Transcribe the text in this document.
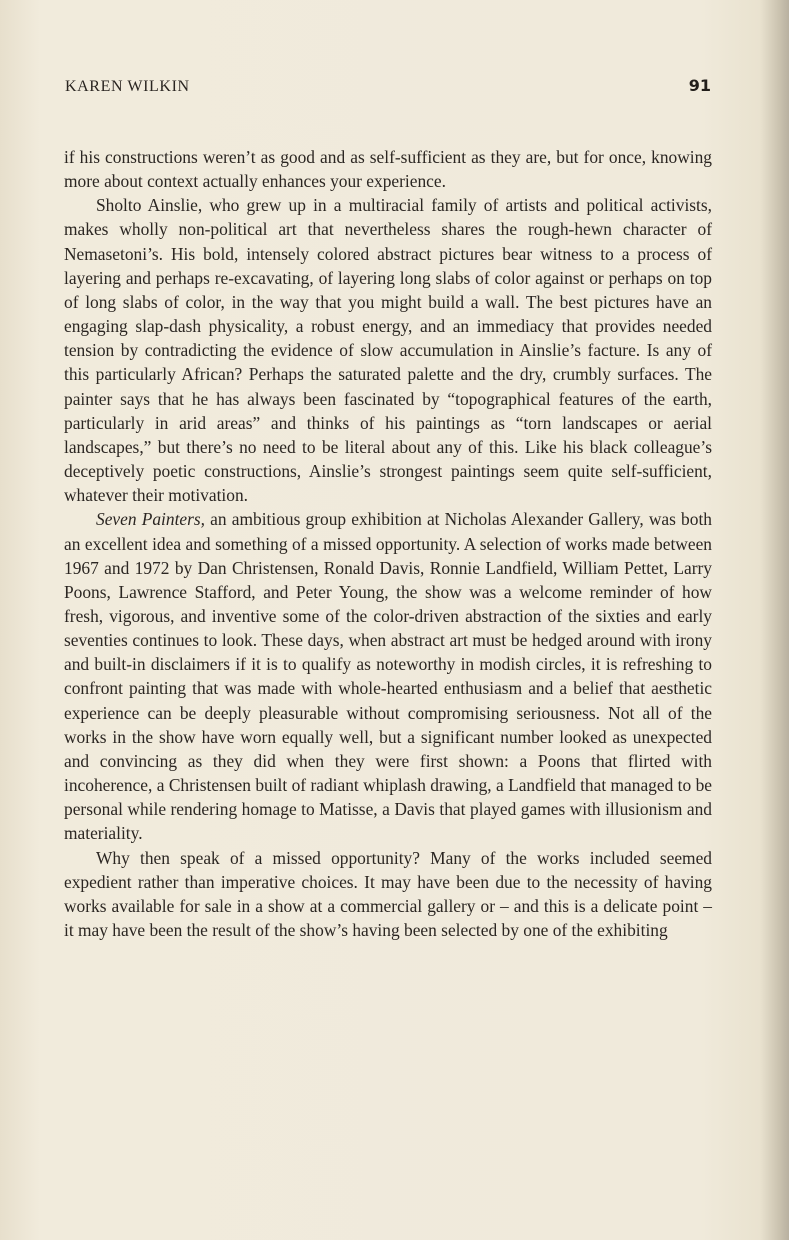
KAREN WILKIN	91

if his constructions weren’t as good and as self-sufficient as they are, but for once, knowing more about context actually enhances your experience.

Sholto Ainslie, who grew up in a multiracial family of artists and political activists, makes wholly non-political art that nevertheless shares the rough-hewn character of Nemasetoni’s. His bold, intensely colored abstract pictures bear witness to a process of layering and perhaps re-excavating, of layering long slabs of color against or perhaps on top of long slabs of color, in the way that you might build a wall. The best pictures have an engaging slap-dash physicality, a robust energy, and an immediacy that provides needed tension by contradicting the evidence of slow accumulation in Ainslie’s facture. Is any of this particularly African? Perhaps the saturated palette and the dry, crumbly surfaces. The painter says that he has always been fascinated by “topographical features of the earth, particularly in arid areas” and thinks of his paintings as “torn landscapes or aerial landscapes,” but there’s no need to be literal about any of this. Like his black colleague’s deceptively poetic constructions, Ainslie’s strongest paintings seem quite self-sufficient, whatever their motivation.

Seven Painters, an ambitious group exhibition at Nicholas Alexander Gallery, was both an excellent idea and something of a missed opportunity. A selection of works made between 1967 and 1972 by Dan Christensen, Ronald Davis, Ronnie Landfield, William Pettet, Larry Poons, Lawrence Stafford, and Peter Young, the show was a welcome reminder of how fresh, vigorous, and inventive some of the color-driven abstraction of the sixties and early seventies continues to look. These days, when abstract art must be hedged around with irony and built-in disclaimers if it is to qualify as noteworthy in modish circles, it is refreshing to confront painting that was made with whole-hearted enthusiasm and a belief that aesthetic experience can be deeply pleasurable without compromising seriousness. Not all of the works in the show have worn equally well, but a significant number looked as unexpected and convincing as they did when they were first shown: a Poons that flirted with incoherence, a Christensen built of radiant whiplash drawing, a Landfield that managed to be personal while rendering homage to Matisse, a Davis that played games with illusionism and materiality.

Why then speak of a missed opportunity? Many of the works included seemed expedient rather than imperative choices. It may have been due to the necessity of having works available for sale in a show at a commercial gallery or – and this is a delicate point – it may have been the result of the show’s having been selected by one of the exhibiting
